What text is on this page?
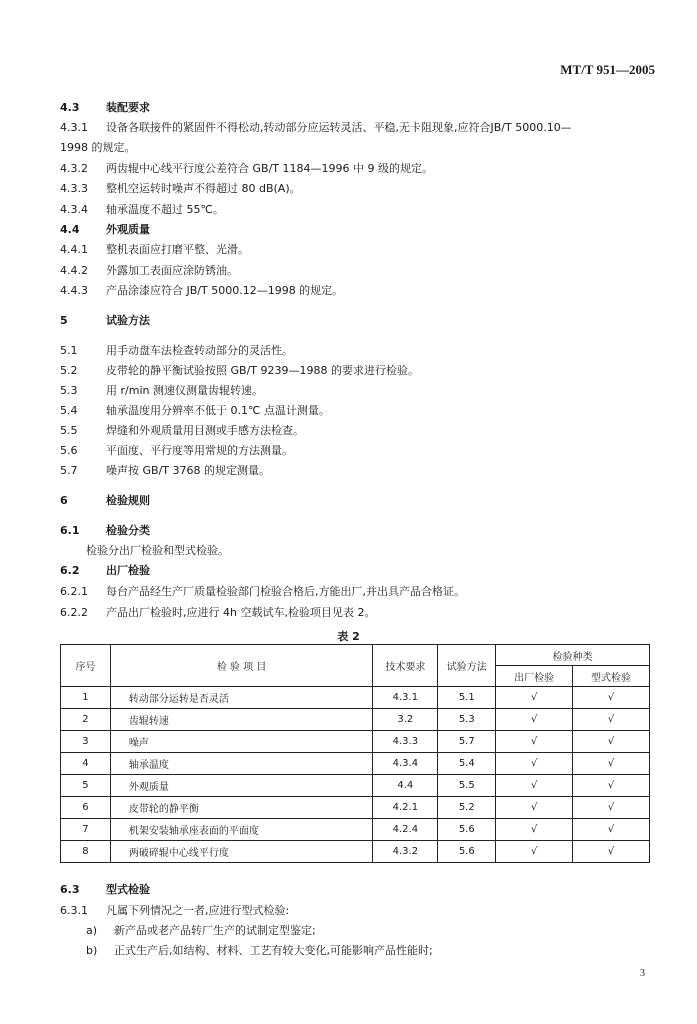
MT/T 951—2005
4.3 装配要求
4.3.1 设备各联接件的紧固件不得松动,转动部分应运转灵活、平稳,无卡阻现象,应符合JB/T 5000.10—
1998 的规定。
4.3.2 两齿辊中心线平行度公差符合 GB/T 1184—1996 中 9 级的规定。
4.3.3 整机空运转时噪声不得超过 80 dB(A)。
4.3.4 轴承温度不超过 55℃。
4.4 外观质量
4.4.1 整机表面应打磨平整、光滑。
4.4.2 外露加工表面应涂防锈油。
4.4.3 产品涂漆应符合 JB/T 5000.12—1998 的规定。
5	试验方法
5.1	用手动盘车法检查转动部分的灵活性。
5.2	皮带轮的静平衡试验按照 GB/T 9239—1988 的要求进行检验。
5.3	用 r/min 测速仪测量齿辊转速。
5.4	轴承温度用分辨率不低于 0.1℃ 点温计测量。
5.5	焊缝和外观质量用目测或手感方法检查。
5.6	平面度、平行度等用常规的方法测量。
5.7	噪声按 GB/T 3768 的规定测量。
6	检验规则
6.1 检验分类
检验分出厂检验和型式检验。
6.2 出厂检验
6.2.1 每台产品经生产厂质量检验部门检验合格后,方能出厂,并出具产品合格证。
6.2.2 产品出厂检验时,应进行 4h 空载试车,检验项目见表 2。
表 2
序号	检 验 项 目	技术要求	试验方法	检验种类	
				出厂检验	型式检验
1	转动部分运转是否灵活	4.3.1	5.1	√	√
2	齿辊转速	3.2	5.3	√	√
3	噪声	4.3.3	5.7	√	√
4	轴承温度	4.3.4	5.4	√	√
5	外观质量	4.4	5.5	√	√
6	皮带轮的静平衡	4.2.1	5.2	√	√
7	机架安装轴承座表面的平面度	4.2.4	5.6	√	√
8	两破碎辊中心线平行度	4.3.2	5.6	√	√
6.3 型式检验
6.3.1 凡属下列情况之一者,应进行型式检验:
a) 新产品或老产品转厂生产的试制定型鉴定;
b) 正式生产后,如结构、材料、工艺有较大变化,可能影响产品性能时;
3
